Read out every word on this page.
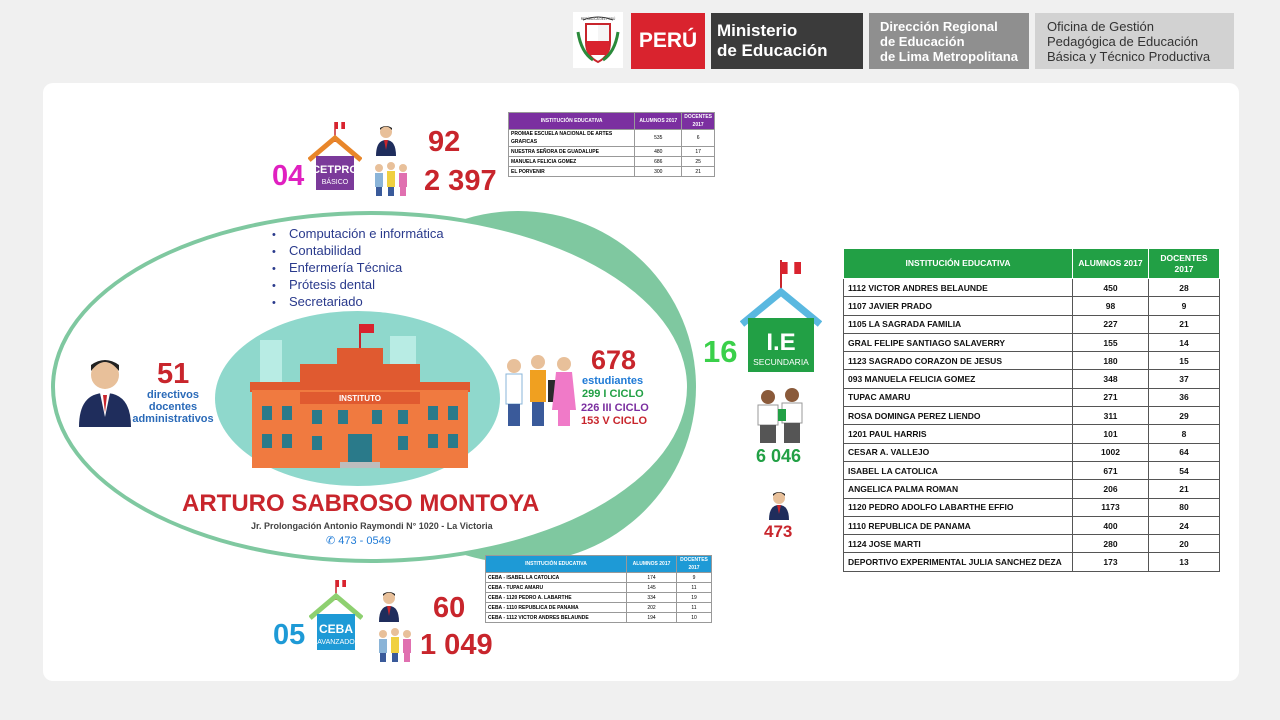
REPÚBLICA DEL PERÚ
PERÚ	Ministerio
de Educación
Dirección Regional
de Educación
de Lima Metropolitana
Oficina de Gestión
Pedagógica de Educación
Básica y Técnico Productiva
04 CETPRO
BÁSICO
92
2 397
INSTITUCIÓN EDUCATIVA	ALUMNOS 2017	DOCENTES 2017
PROMAE ESCUELA NACIONAL DE ARTES GRAFICAS	535	6
NUESTRA SEÑORA DE GUADALUPE	480	17
MANUELA FELICIA GOMEZ	686	25
EL PORVENIR	300	21
• Computación e informática
• Contabilidad
• Enfermería Técnica
• Prótesis dental
• Secretariado
51
directivos
docentes
administrativos
INSTITUTO
678
estudiantes
299 I CICLO
226 III CICLO
153 V CICLO
ARTURO SABROSO MONTOYA
Jr. Prolongación Antonio Raymondi N° 1020 - La Victoria
✆ 473 - 0549
05 CEBA
AVANZADO
60
1 049
INSTITUCIÓN EDUCATIVA	ALUMNOS 2017	DOCENTES 2017
CEBA - ISABEL LA CATOLICA	174	9
CEBA - TUPAC AMARU	145	11
CEBA - 1120 PEDRO A. LABARTHE	334	19
CEBA - 1110 REPUBLICA DE PANAMA	202	11
CEBA - 1112 VICTOR ANDRES BELAUNDE	194	10
16 I.E
SECUNDARIA
6 046
473
INSTITUCIÓN EDUCATIVA	ALUMNOS 2017	DOCENTES 2017
1112 VICTOR ANDRES BELAUNDE	450	28
1107 JAVIER PRADO	98	9
1105 LA SAGRADA FAMILIA	227	21
GRAL FELIPE SANTIAGO SALAVERRY	155	14
1123 SAGRADO CORAZON DE JESUS	180	15
093 MANUELA FELICIA GOMEZ	348	37
TUPAC AMARU	271	36
ROSA DOMINGA PEREZ LIENDO	311	29
1201 PAUL HARRIS	101	8
CESAR A. VALLEJO	1002	64
ISABEL LA CATOLICA	671	54
ANGELICA PALMA ROMAN	206	21
1120 PEDRO ADOLFO LABARTHE EFFIO	1173	80
1110 REPUBLICA DE PANAMA	400	24
1124 JOSE MARTI	280	20
DEPORTIVO EXPERIMENTAL JULIA SANCHEZ DEZA	173	13
